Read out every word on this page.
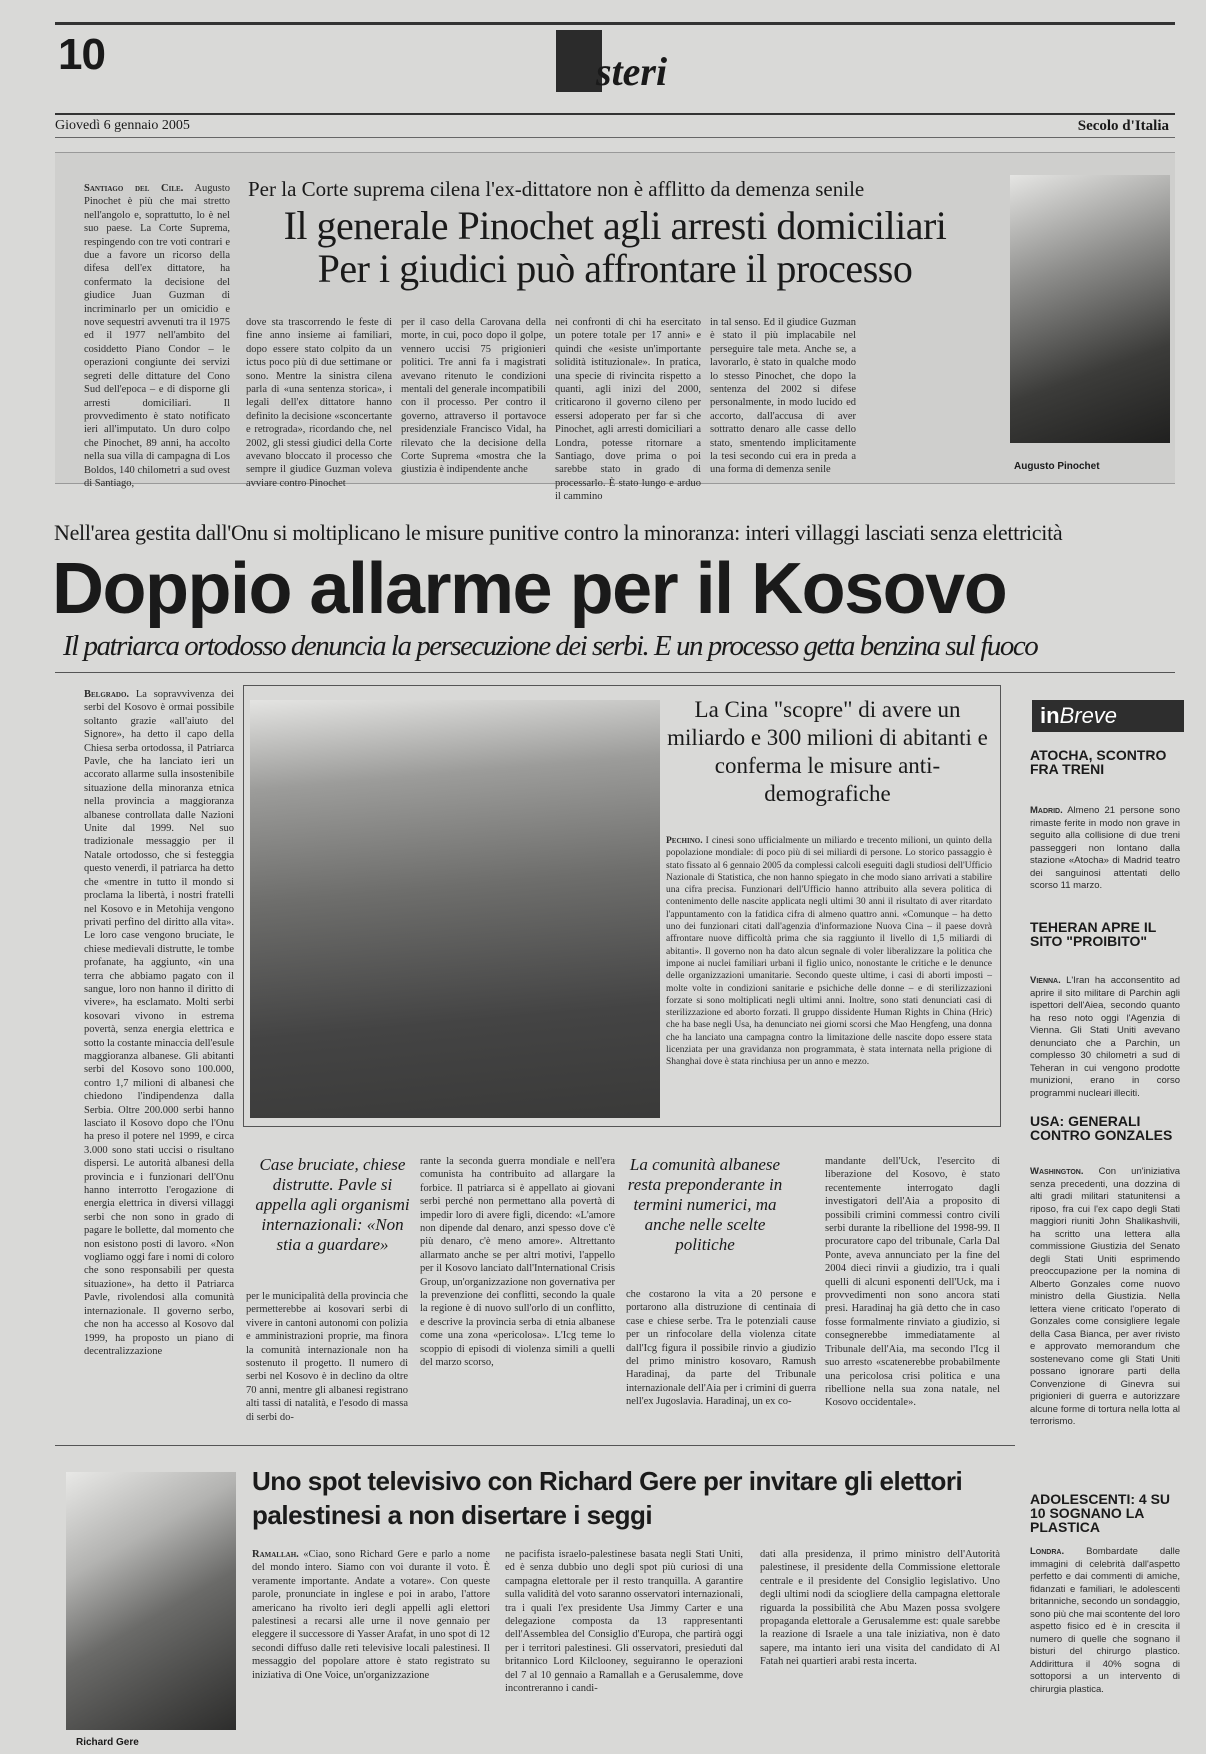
10	steri
Giovedì 6 gennaio 2005	Secolo d'Italia
Santiago del Cile. Augusto Pinochet è più che mai stretto nell'angolo e, soprattutto, lo è nel suo paese. La Corte Suprema, respingendo con tre voti contrari e due a favore un ricorso della difesa dell'ex dittatore, ha confermato la decisione del giudice Juan Guzman di incriminarlo per un omicidio e nove sequestri avvenuti tra il 1975 ed il 1977 nell'ambito del cosiddetto Piano Condor – le operazioni congiunte dei servizi segreti delle dittature del Cono Sud dell'epoca – e di disporne gli arresti domiciliari. Il provvedimento è stato notificato ieri all'imputato. Un duro colpo che Pinochet, 89 anni, ha accolto nella sua villa di campagna di Los Boldos, 140 chilometri a sud ovest di Santiago,
Per la Corte suprema cilena l'ex-dittatore non è afflitto da demenza senile
Il generale Pinochet agli arresti domiciliari
Per i giudici può affrontare il processo
dove sta trascorrendo le feste di fine anno insieme ai familiari, dopo essere stato colpito da un ictus poco più di due settimane or sono. Mentre la sinistra cilena parla di «una sentenza storica», i legali dell'ex dittatore hanno definito la decisione «sconcertante e retrograda», ricordando che, nel 2002, gli stessi giudici della Corte avevano bloccato il processo che sempre il giudice Guzman voleva avviare contro Pinochet
per il caso della Carovana della morte, in cui, poco dopo il golpe, vennero uccisi 75 prigionieri politici. Tre anni fa i magistrati avevano ritenuto le condizioni mentali del generale incompatibili con il processo. Per contro il governo, attraverso il portavoce presidenziale Francisco Vidal, ha rilevato che la decisione della Corte Suprema «mostra che la giustizia è indipendente anche
nei confronti di chi ha esercitato un potere totale per 17 anni» e quindi che «esiste un'importante solidità istituzionale». In pratica, una specie di rivincita rispetto a quanti, agli inizi del 2000, criticarono il governo cileno per essersi adoperato per far sì che Pinochet, agli arresti domiciliari a Londra, potesse ritornare a Santiago, dove prima o poi sarebbe stato in grado di processarlo. È stato lungo e arduo il cammino
in tal senso. Ed il giudice Guzman è stato il più implacabile nel perseguire tale meta. Anche se, a lavorarlo, è stato in qualche modo lo stesso Pinochet, che dopo la sentenza del 2002 si difese personalmente, in modo lucido ed accorto, dall'accusa di aver sottratto denaro alle casse dello stato, smentendo implicitamente la tesi secondo cui era in preda a una forma di demenza senile	Augusto Pinochet
Nell'area gestita dall'Onu si moltiplicano le misure punitive contro la minoranza: interi villaggi lasciati senza elettricità
Doppio allarme per il Kosovo
Il patriarca ortodosso denuncia la persecuzione dei serbi. E un processo getta benzina sul fuoco
Belgrado. La sopravvivenza dei serbi del Kosovo è ormai possibile soltanto grazie «all'aiuto del Signore», ha detto il capo della Chiesa serba ortodossa, il Patriarca Pavle, che ha lanciato ieri un accorato allarme sulla insostenibile situazione della minoranza etnica nella provincia a maggioranza albanese controllata dalle Nazioni Unite dal 1999. Nel suo tradizionale messaggio per il Natale ortodosso, che si festeggia questo venerdì, il patriarca ha detto che «mentre in tutto il mondo si proclama la libertà, i nostri fratelli nel Kosovo e in Metohija vengono privati perfino del diritto alla vita». Le loro case vengono bruciate, le chiese medievali distrutte, le tombe profanate, ha aggiunto, «in una terra che abbiamo pagato con il sangue, loro non hanno il diritto di vivere», ha esclamato. Molti serbi kosovari vivono in estrema povertà, senza energia elettrica e sotto la costante minaccia dell'esule maggioranza albanese. Gli abitanti serbi del Kosovo sono 100.000, contro 1,7 milioni di albanesi che chiedono l'indipendenza dalla Serbia. Oltre 200.000 serbi hanno lasciato il Kosovo dopo che l'Onu ha preso il potere nel 1999, e circa 3.000 sono stati uccisi o risultano dispersi. Le autorità albanesi della provincia e i funzionari dell'Onu hanno interrotto l'erogazione di energia elettrica in diversi villaggi serbi che non sono in grado di pagare le bollette, dal momento che non esistono posti di lavoro. «Non vogliamo oggi fare i nomi di coloro che sono responsabili per questa situazione», ha detto il Patriarca Pavle, rivolendosi alla comunità internazionale. Il governo serbo, che non ha accesso al Kosovo dal 1999, ha proposto un piano di decentralizzazione
La Cina "scopre" di avere un miliardo e 300 milioni di abitanti e conferma le misure anti-demografiche
Pechino. I cinesi sono ufficialmente un miliardo e trecento milioni, un quinto della popolazione mondiale: di poco più di sei miliardi di persone. Lo storico passaggio è stato fissato al 6 gennaio 2005 da complessi calcoli eseguiti dagli studiosi dell'Ufficio Nazionale di Statistica, che non hanno spiegato in che modo siano arrivati a stabilire una cifra precisa. Funzionari dell'Ufficio hanno attribuito alla severa politica di contenimento delle nascite applicata negli ultimi 30 anni il risultato di aver ritardato l'appuntamento con la fatidica cifra di almeno quattro anni. «Comunque – ha detto uno dei funzionari citati dall'agenzia d'informazione Nuova Cina – il paese dovrà affrontare nuove difficoltà prima che sia raggiunto il livello di 1,5 miliardi di abitanti». Il governo non ha dato alcun segnale di voler liberalizzare la politica che impone ai nuclei familiari urbani il figlio unico, nonostante le critiche e le denunce delle organizzazioni umanitarie. Secondo queste ultime, i casi di aborti imposti – molte volte in condizioni sanitarie e psichiche delle donne – e di sterilizzazioni forzate si sono moltiplicati negli ultimi anni. Inoltre, sono stati denunciati casi di sterilizzazione ed aborto forzati. Il gruppo dissidente Human Rights in China (Hric) che ha base negli Usa, ha denunciato nei giorni scorsi che Mao Hengfeng, una donna che ha lanciato una campagna contro la limitazione delle nascite dopo essere stata licenziata per una gravidanza non programmata, è stata internata nella prigione di Shanghai dove è stata rinchiusa per un anno e mezzo.
Case bruciate, chiese distrutte. Pavle si appella agli organismi internazionali: «Non stia a guardare»
per le municipalità della provincia che permetterebbe ai kosovari serbi di vivere in cantoni autonomi con polizia e amministrazioni proprie, ma finora la comunità internazionale non ha sostenuto il progetto. Il numero di serbi nel Kosovo è in declino da oltre 70 anni, mentre gli albanesi registrano alti tassi di natalità, e l'esodo di massa di serbi do-
rante la seconda guerra mondiale e nell'era comunista ha contribuito ad allargare la forbice. Il patriarca si è appellato ai giovani serbi perché non permettano alla povertà di impedir loro di avere figli, dicendo: «L'amore non dipende dal denaro, anzi spesso dove c'è più denaro, c'è meno amore». Altrettanto allarmato anche se per altri motivi, l'appello per il Kosovo lanciato dall'International Crisis Group, un'organizzazione non governativa per la prevenzione dei conflitti, secondo la quale la regione è di nuovo sull'orlo di un conflitto, e descrive la provincia serba di etnia albanese come una zona «pericolosa». L'Icg teme lo scoppio di episodi di violenza simili a quelli del marzo scorso,
La comunità albanese resta preponderante in termini numerici, ma anche nelle scelte politiche
che costarono la vita a 20 persone e portarono alla distruzione di centinaia di case e chiese serbe. Tra le potenziali cause per un rinfocolare della violenza citate dall'Icg figura il possibile rinvio a giudizio del primo ministro kosovaro, Ramush Haradinaj, da parte del Tribunale internazionale dell'Aia per i crimini di guerra nell'ex Jugoslavia. Haradinaj, un ex co-
mandante dell'Uck, l'esercito di liberazione del Kosovo, è stato recentemente interrogato dagli investigatori dell'Aia a proposito di possibili crimini commessi contro civili serbi durante la ribellione del 1998-99. Il procuratore capo del tribunale, Carla Dal Ponte, aveva annunciato per la fine del 2004 dieci rinvii a giudizio, tra i quali quelli di alcuni esponenti dell'Uck, ma i provvedimenti non sono ancora stati presi. Haradinaj ha già detto che in caso fosse formalmente rinviato a giudizio, si consegnerebbe immediatamente al Tribunale dell'Aia, ma secondo l'Icg il suo arresto «scatenerebbe probabilmente una pericolosa crisi politica e una ribellione nella sua zona natale, nel Kosovo occidentale».
inBreve
ATOCHA, SCONTRO FRA TRENI
Madrid. Almeno 21 persone sono rimaste ferite in modo non grave in seguito alla collisione di due treni passeggeri non lontano dalla stazione «Atocha» di Madrid teatro dei sanguinosi attentati dello scorso 11 marzo.
TEHERAN APRE IL SITO "PROIBITO"
Vienna. L'Iran ha acconsentito ad aprire il sito militare di Parchin agli ispettori dell'Aiea, secondo quanto ha reso noto oggi l'Agenzia di Vienna. Gli Stati Uniti avevano denunciato che a Parchin, un complesso 30 chilometri a sud di Teheran in cui vengono prodotte munizioni, erano in corso programmi nucleari illeciti.
USA: GENERALI CONTRO GONZALES
Washington. Con un'iniziativa senza precedenti, una dozzina di alti gradi militari statunitensi a riposo, fra cui l'ex capo degli Stati maggiori riuniti John Shalikashvili, ha scritto una lettera alla commissione Giustizia del Senato degli Stati Uniti esprimendo preoccupazione per la nomina di Alberto Gonzales come nuovo ministro della Giustizia. Nella lettera viene criticato l'operato di Gonzales come consigliere legale della Casa Bianca, per aver rivisto e approvato memorandum che sostenevano come gli Stati Uniti possano ignorare parti della Convenzione di Ginevra sui prigionieri di guerra e autorizzare alcune forme di tortura nella lotta al terrorismo.
ADOLESCENTI: 4 SU 10 SOGNANO LA PLASTICA
Londra. Bombardate dalle immagini di celebrità dall'aspetto perfetto e dai commenti di amiche, fidanzati e familiari, le adolescenti britanniche, secondo un sondaggio, sono più che mai scontente del loro aspetto fisico ed è in crescita il numero di quelle che sognano il bisturi del chirurgo plastico. Addirittura il 40% sogna di sottoporsi a un intervento di chirurgia plastica.
Richard Gere
Uno spot televisivo con Richard Gere per invitare gli elettori palestinesi a non disertare i seggi
Ramallah. «Ciao, sono Richard Gere e parlo a nome del mondo intero. Siamo con voi durante il voto. È veramente importante. Andate a votare». Con queste parole, pronunciate in inglese e poi in arabo, l'attore americano ha rivolto ieri degli appelli agli elettori palestinesi a recarsi alle urne il nove gennaio per eleggere il successore di Yasser Arafat, in uno spot di 12 secondi diffuso dalle reti televisive locali palestinesi. Il messaggio del popolare attore è stato registrato su iniziativa di One Voice, un'organizzazione
ne pacifista israelo-palestinese basata negli Stati Uniti, ed è senza dubbio uno degli spot più curiosi di una campagna elettorale per il resto tranquilla. A garantire sulla validità del voto saranno osservatori internazionali, tra i quali l'ex presidente Usa Jimmy Carter e una delegazione composta da 13 rappresentanti dell'Assemblea del Consiglio d'Europa, che partirà oggi per i territori palestinesi. Gli osservatori, presieduti dal britannico Lord Kilclooney, seguiranno le operazioni del 7 al 10 gennaio a Ramallah e a Gerusalemme, dove incontreranno i candi-
dati alla presidenza, il primo ministro dell'Autorità palestinese, il presidente della Commissione elettorale centrale e il presidente del Consiglio legislativo. Uno degli ultimi nodi da sciogliere della campagna elettorale riguarda la possibilità che Abu Mazen possa svolgere propaganda elettorale a Gerusalemme est: quale sarebbe la reazione di Israele a una tale iniziativa, non è dato sapere, ma intanto ieri una visita del candidato di Al Fatah nei quartieri arabi resta incerta.
